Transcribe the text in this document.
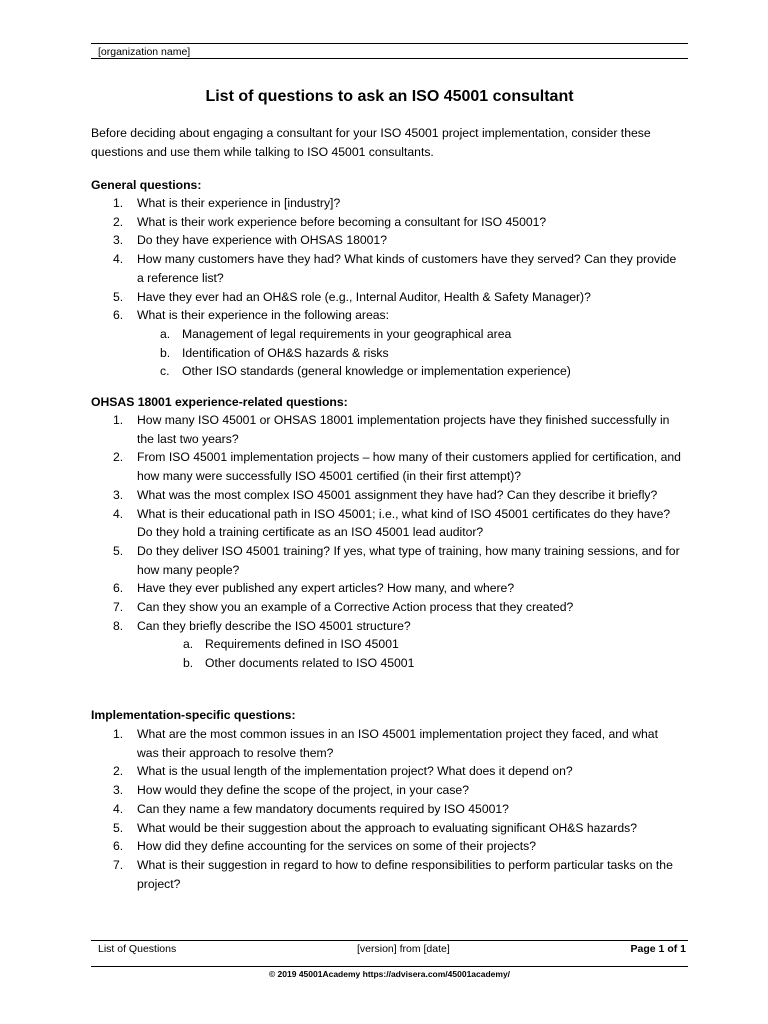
[organization name]
List of questions to ask an ISO 45001 consultant
Before deciding about engaging a consultant for your ISO 45001 project implementation, consider these questions and use them while talking to ISO 45001 consultants.
General questions:
1. What is their experience in [industry]?
2. What is their work experience before becoming a consultant for ISO 45001?
3. Do they have experience with OHSAS 18001?
4. How many customers have they had? What kinds of customers have they served? Can they provide a reference list?
5. Have they ever had an OH&S role (e.g., Internal Auditor, Health & Safety Manager)?
6. What is their experience in the following areas:
a. Management of legal requirements in your geographical area
b. Identification of OH&S hazards & risks
c. Other ISO standards (general knowledge or implementation experience)
OHSAS 18001 experience-related questions:
1. How many ISO 45001 or OHSAS 18001 implementation projects have they finished successfully in the last two years?
2. From ISO 45001 implementation projects – how many of their customers applied for certification, and how many were successfully ISO 45001 certified (in their first attempt)?
3. What was the most complex ISO 45001 assignment they have had? Can they describe it briefly?
4. What is their educational path in ISO 45001; i.e., what kind of ISO 45001 certificates do they have? Do they hold a training certificate as an ISO 45001 lead auditor?
5. Do they deliver ISO 45001 training? If yes, what type of training, how many training sessions, and for how many people?
6. Have they ever published any expert articles? How many, and where?
7. Can they show you an example of a Corrective Action process that they created?
8. Can they briefly describe the ISO 45001 structure?
a. Requirements defined in ISO 45001
b. Other documents related to ISO 45001
Implementation-specific questions:
1. What are the most common issues in an ISO 45001 implementation project they faced, and what was their approach to resolve them?
2. What is the usual length of the implementation project? What does it depend on?
3. How would they define the scope of the project, in your case?
4. Can they name a few mandatory documents required by ISO 45001?
5. What would be their suggestion about the approach to evaluating significant OH&S hazards?
6. How did they define accounting for the services on some of their projects?
7. What is their suggestion in regard to how to define responsibilities to perform particular tasks on the project?
List of Questions	[version] from [date]	Page 1 of 1
© 2019 45001Academy https://advisera.com/45001academy/
